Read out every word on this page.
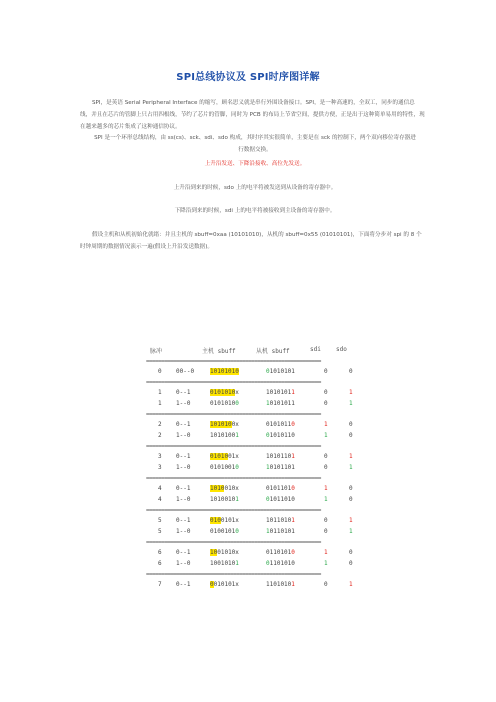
SPI总线协议及 SPI时序图详解
SPI，是英语 Serial Peripheral Interface 的缩写，顾名思义就是串行外围设备接口。SPI，是一种高速的，全双工，同步的通信总线，并且在芯片的管脚上只占用四根线，节约了芯片的管脚，同时为 PCB 的布局上节省空间，提供方便，正是出于这种简单易用的特性，现在越来越多的芯片集成了这种通信协议。
SPI 是一个环形总线结构，由 ss(cs)、sck、sdi、sdo 构成，其时序其实很简单，主要是在 sck 的控制下，两个双向移位寄存器进行数据交换。
上升沿发送、下降沿接收、高位先发送。
上升沿到来的时候，sdo 上的电平将被发送到从设备的寄存器中。
下降沿到来的时候，sdi 上的电平将被接收到主设备的寄存器中。
假设主机和从机初始化就绪：并且主机的 sbuff=0xaa (10101010)，从机的 sbuff=0x55 (01010101)，下面将分步对 spi 的 8 个时钟周期的数据情况演示一遍(假设上升沿发送数据)。
脉冲	主机 sbuff	从机 sbuff	sdi	sdo
==========================================================
0 00--0	10101010	01010101	0	0
==========================================================
1 0--1	0101010x	10101011	0	1
1 1--0	01010100	10101011	0	1
==========================================================
2 0--1	1010100x	01010110	1	0
2 1--0	10101001	01010110	1	0
==========================================================
3 0--1	0101001x	10101101	0	1
3 1--0	01010010	10101101	0	1
==========================================================
4 0--1	1010010x	01011010	1	0
4 1--0	10100101	01011010	1	0
==========================================================
5 0--1	0100101x	10110101	0	1
5 1--0	01001010	10110101	0	1
==========================================================
6 0--1	1001010x	01101010	1	0
6 1--0	10010101	01101010	1	0
==========================================================
7 0--1	0010101x	11010101	0	1
